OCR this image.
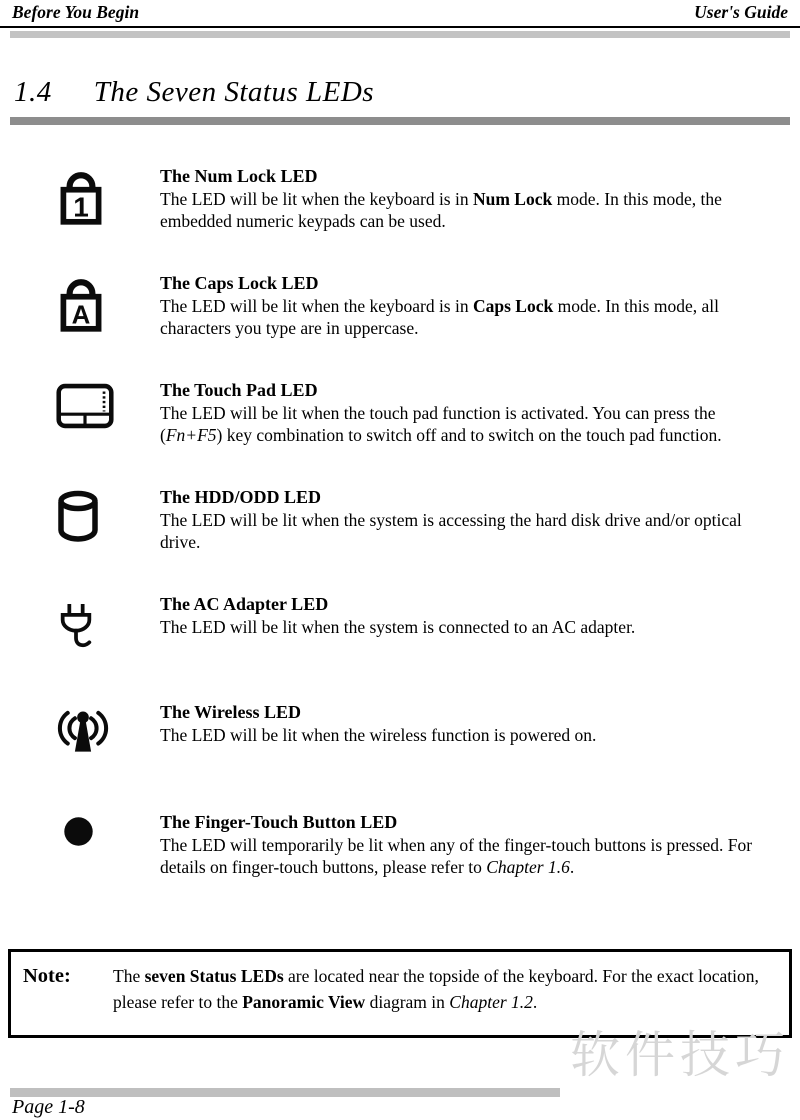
Before You Begin	User's Guide
1.4 The Seven Status LEDs
1
The Num Lock LED

The LED will be lit when the keyboard is in Num Lock mode. In this mode, the embedded numeric keypads can be used.

A
The Caps Lock LED

The LED will be lit when the keyboard is in Caps Lock mode. In this mode, all characters you type are in uppercase.

The Touch Pad LED

The LED will be lit when the touch pad function is activated. You can press the (Fn+F5) key combination to switch off and to switch on the touch pad function.

The HDD/ODD LED

The LED will be lit when the system is accessing the hard disk drive and/or optical drive.

The AC Adapter LED

The LED will be lit when the system is connected to an AC adapter.

The Wireless LED

The LED will be lit when the wireless function is powered on.

The Finger-Touch Button LED

The LED will temporarily be lit when any of the finger-touch buttons is pressed. For details on finger-touch buttons, please refer to Chapter 1.6.

Note:	The seven Status LEDs are located near the topside of the keyboard. For the exact location, please refer to the Panoramic View diagram in Chapter 1.2.
软件技巧
Page 1-8
